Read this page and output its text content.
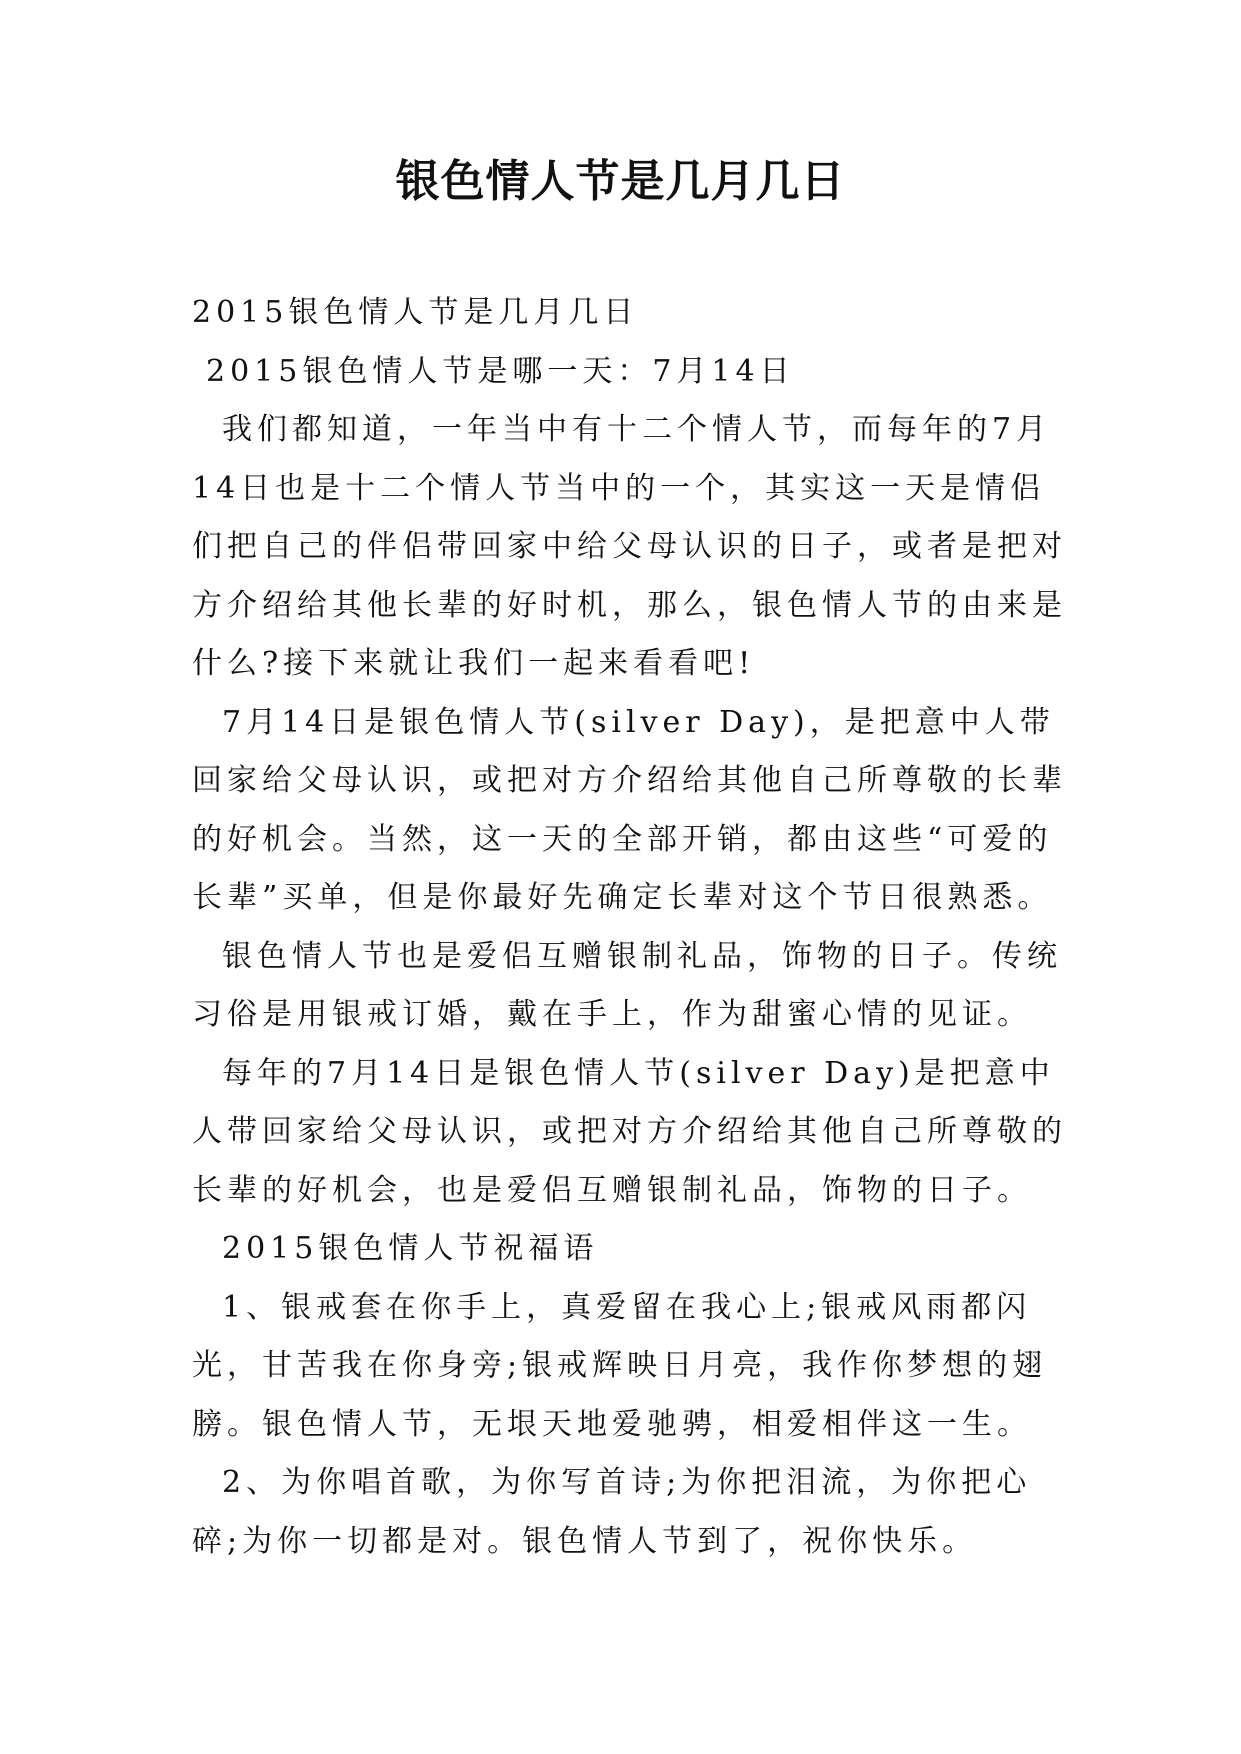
银色情人节是几月几日

2015银色情人节是几月几日

2015银色情人节是哪一天：7月14日

我们都知道，一年当中有十二个情人节，而每年的7月14日也是十二个情人节当中的一个，其实这一天是情侣们把自己的伴侣带回家中给父母认识的日子，或者是把对方介绍给其他长辈的好时机，那么，银色情人节的由来是什么?接下来就让我们一起来看看吧!

7月14日是银色情人节(silver Day)，是把意中人带回家给父母认识，或把对方介绍给其他自己所尊敬的长辈的好机会。当然，这一天的全部开销，都由这些“可爱的长辈”买单，但是你最好先确定长辈对这个节日很熟悉。

银色情人节也是爱侣互赠银制礼品，饰物的日子。传统习俗是用银戒订婚，戴在手上，作为甜蜜心情的见证。

每年的7月14日是银色情人节(silver Day)是把意中人带回家给父母认识，或把对方介绍给其他自己所尊敬的长辈的好机会，也是爱侣互赠银制礼品，饰物的日子。

2015银色情人节祝福语

1、银戒套在你手上，真爱留在我心上;银戒风雨都闪光，甘苦我在你身旁;银戒辉映日月亮，我作你梦想的翅膀。银色情人节，无垠天地爱驰骋，相爱相伴这一生。

2、为你唱首歌，为你写首诗;为你把泪流，为你把心碎;为你一切都是对。银色情人节到了，祝你快乐。
